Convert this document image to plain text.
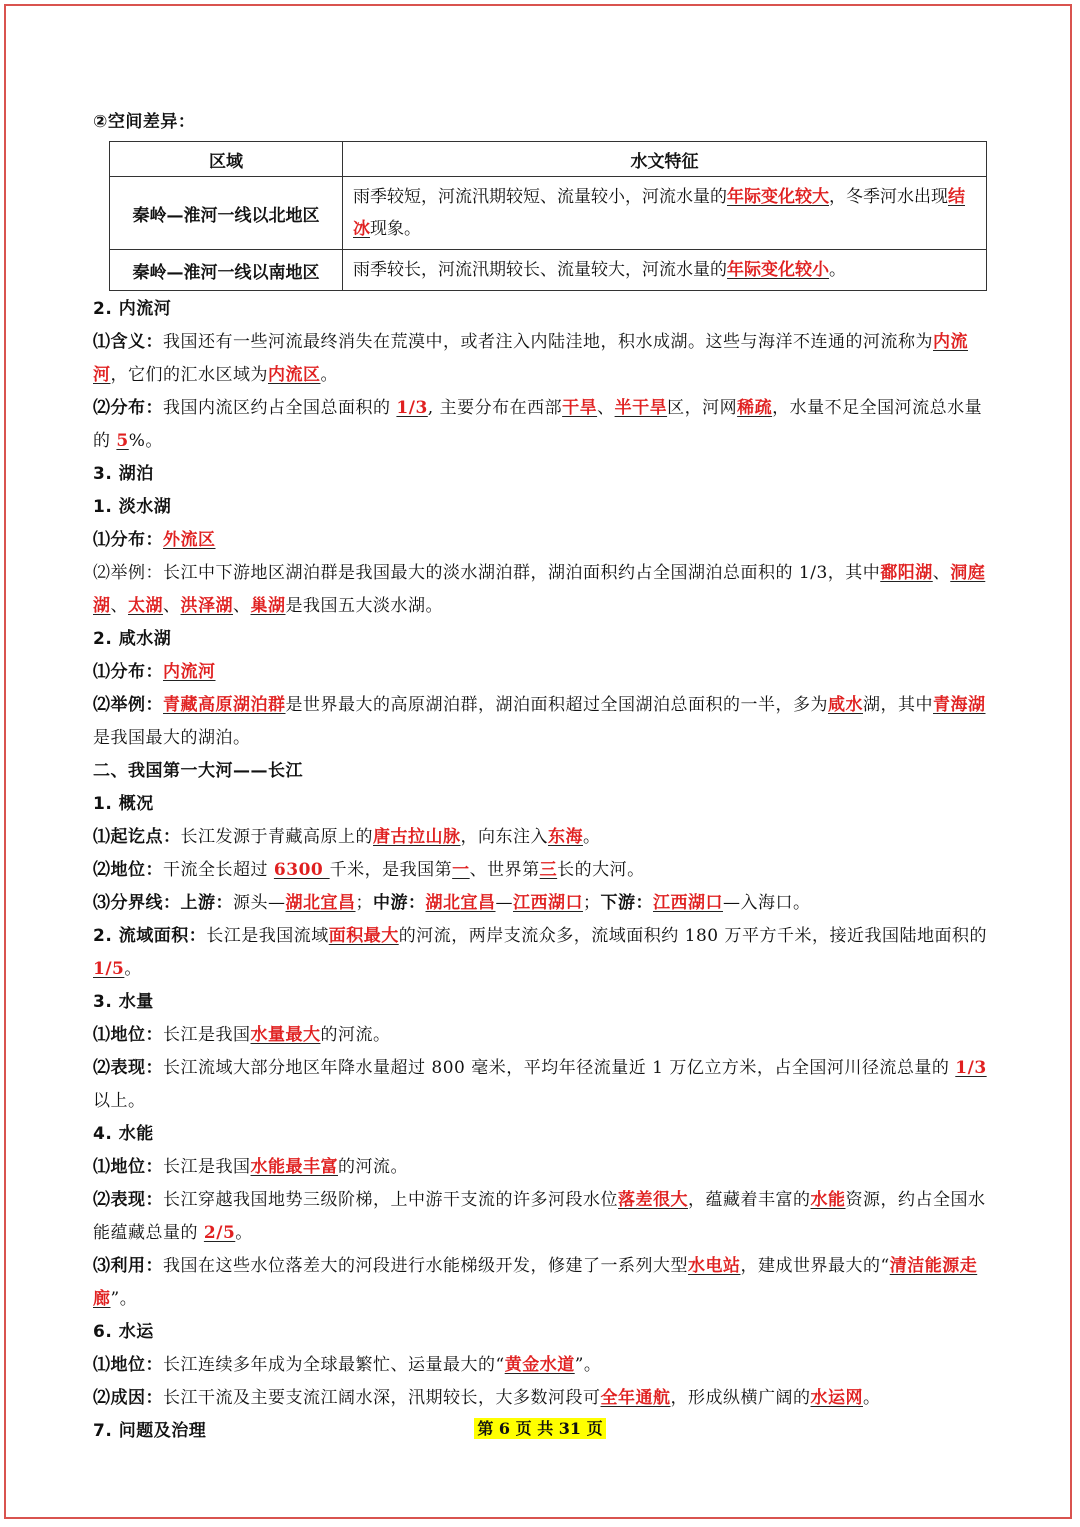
②空间差异：
区域	水文特征
秦岭—淮河一线以北地区	雨季较短，河流汛期较短、流量较小，河流水量的年际变化较大，冬季河水出现结冰现象。
秦岭—淮河一线以南地区	雨季较长，河流汛期较长、流量较大，河流水量的年际变化较小。
2. 内流河
⑴含义：我国还有一些河流最终消失在荒漠中，或者注入内陆洼地，积水成湖。这些与海洋不连通的河流称为内流河，它们的汇水区域为内流区。
⑵分布：我国内流区约占全国总面积的 1/3, 主要分布在西部干旱、半干旱区，河网稀疏，水量不足全国河流总水量的 5%。
3. 湖泊
1. 淡水湖
⑴分布：外流区
⑵举例：长江中下游地区湖泊群是我国最大的淡水湖泊群，湖泊面积约占全国湖泊总面积的 1/3，其中鄱阳湖、洞庭湖、太湖、洪泽湖、巢湖是我国五大淡水湖。
2. 咸水湖
⑴分布：内流河
⑵举例：青藏高原湖泊群是世界最大的高原湖泊群，湖泊面积超过全国湖泊总面积的一半，多为咸水湖，其中青海湖是我国最大的湖泊。
二、我国第一大河——长江
1. 概况
⑴起讫点：长江发源于青藏高原上的唐古拉山脉，向东注入东海。
⑵地位：干流全长超过 6300 千米，是我国第一、世界第三长的大河。
⑶分界线：上游：源头—湖北宜昌；中游：湖北宜昌—江西湖口；下游：江西湖口—入海口。
2. 流域面积：长江是我国流域面积最大的河流，两岸支流众多，流域面积约 180 万平方千米，接近我国陆地面积的 1/5。
3. 水量
⑴地位：长江是我国水量最大的河流。
⑵表现：长江流域大部分地区年降水量超过 800 毫米，平均年径流量近 1 万亿立方米，占全国河川径流总量的 1/3 以上。
4. 水能
⑴地位：长江是我国水能最丰富的河流。
⑵表现：长江穿越我国地势三级阶梯，上中游干支流的许多河段水位落差很大，蕴藏着丰富的水能资源，约占全国水能蕴藏总量的 2/5。
⑶利用：我国在这些水位落差大的河段进行水能梯级开发，修建了一系列大型水电站，建成世界最大的“清洁能源走廊”。
6. 水运
⑴地位：长江连续多年成为全球最繁忙、运量最大的“黄金水道”。
⑵成因：长江干流及主要支流江阔水深，汛期较长，大多数河段可全年通航，形成纵横广阔的水运网。
7. 问题及治理	第 6 页 共 31 页
